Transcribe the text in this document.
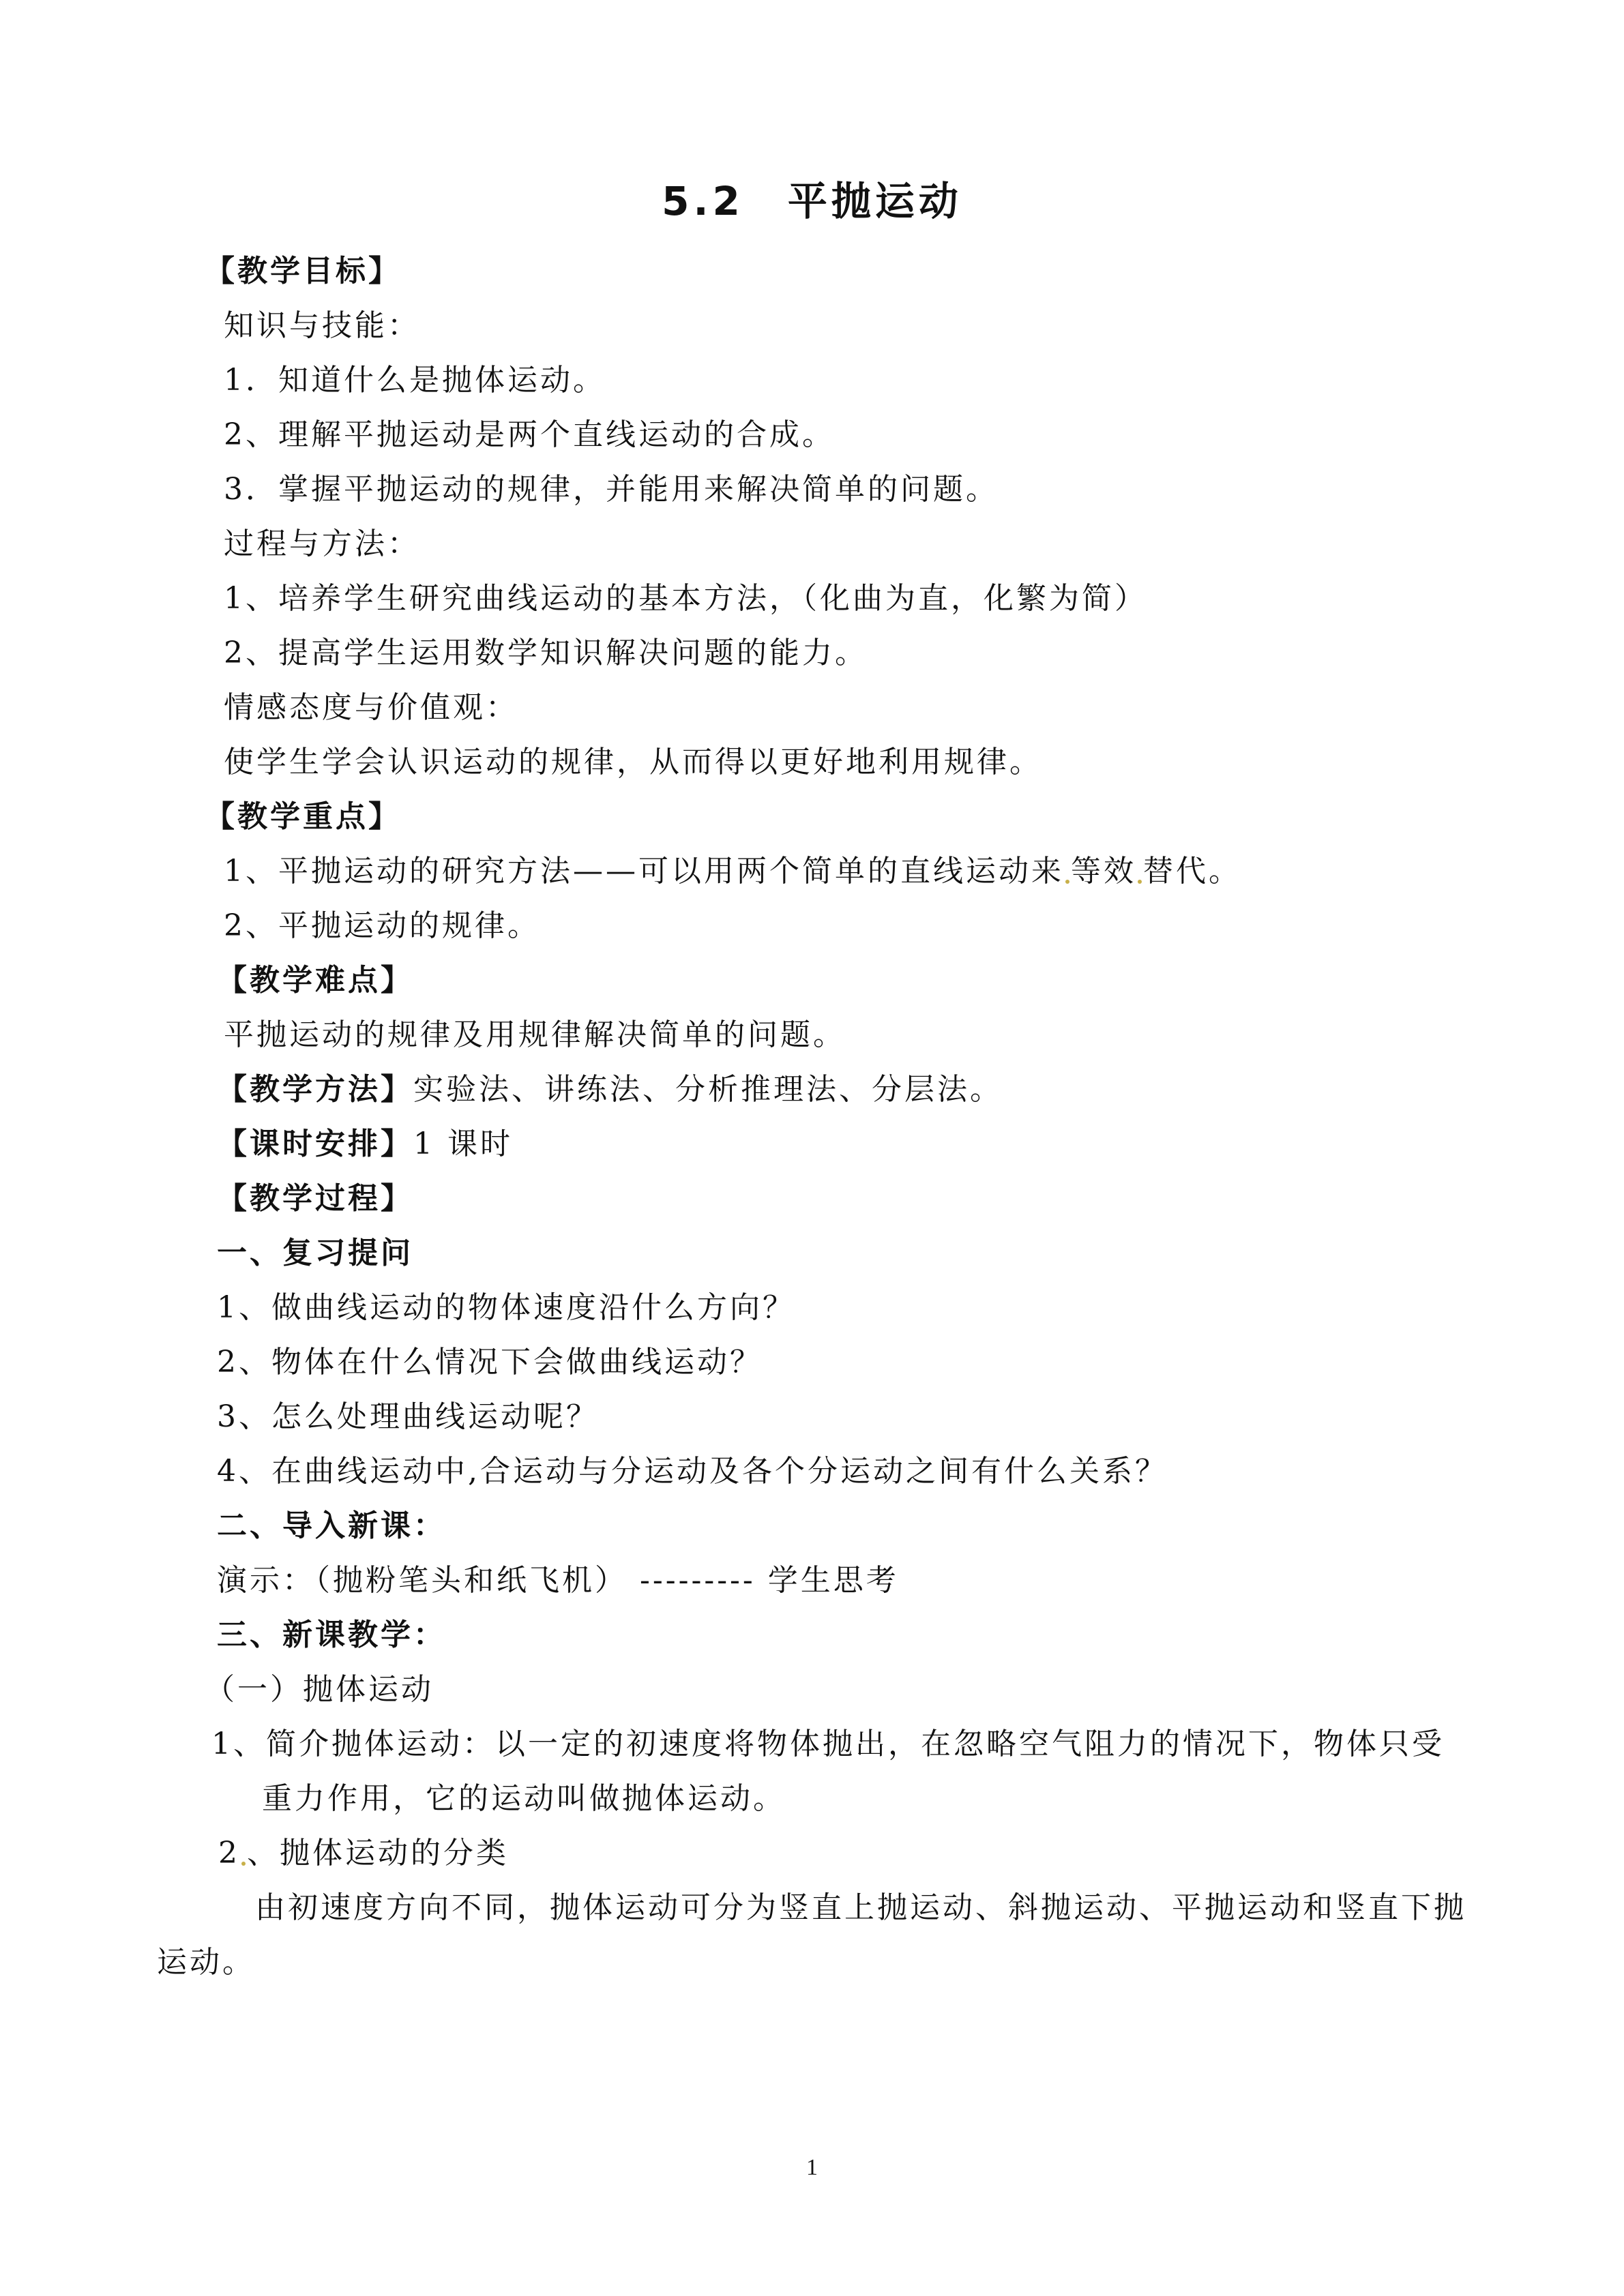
5.2　平抛运动
【教学目标】
知识与技能：
1．知道什么是抛体运动。
2、理解平抛运动是两个直线运动的合成。
3．掌握平抛运动的规律，并能用来解决简单的问题。
过程与方法：
1、培养学生研究曲线运动的基本方法，（化曲为直，化繁为简）
2、提高学生运用数学知识解决问题的能力。
情感态度与价值观：
使学生学会认识运动的规律，从而得以更好地利用规律。
【教学重点】
1、平抛运动的研究方法——可以用两个简单的直线运动来 等效 替代。
2、平抛运动的规律。
【教学难点】
平抛运动的规律及用规律解决简单的问题。
【教学方法】实验法、讲练法、分析推理法、分层法。
【课时安排】1 课时
【教学过程】
一、复习提问
1、做曲线运动的物体速度沿什么方向？
2、物体在什么情况下会做曲线运动？
3、怎么处理曲线运动呢？
4、在曲线运动中,合运动与分运动及各个分运动之间有什么关系？
二、导入新课：
演示：（抛粉笔头和纸飞机） --------- 学生思考
三、新课教学：
（一）抛体运动
1、简介抛体运动：以一定的初速度将物体抛出，在忽略空气阻力的情况下，物体只受
重力作用，它的运动叫做抛体运动。
2 、抛体运动的分类
由初速度方向不同，抛体运动可分为竖直上抛运动、斜抛运动、平抛运动和竖直下抛
运动。
1
